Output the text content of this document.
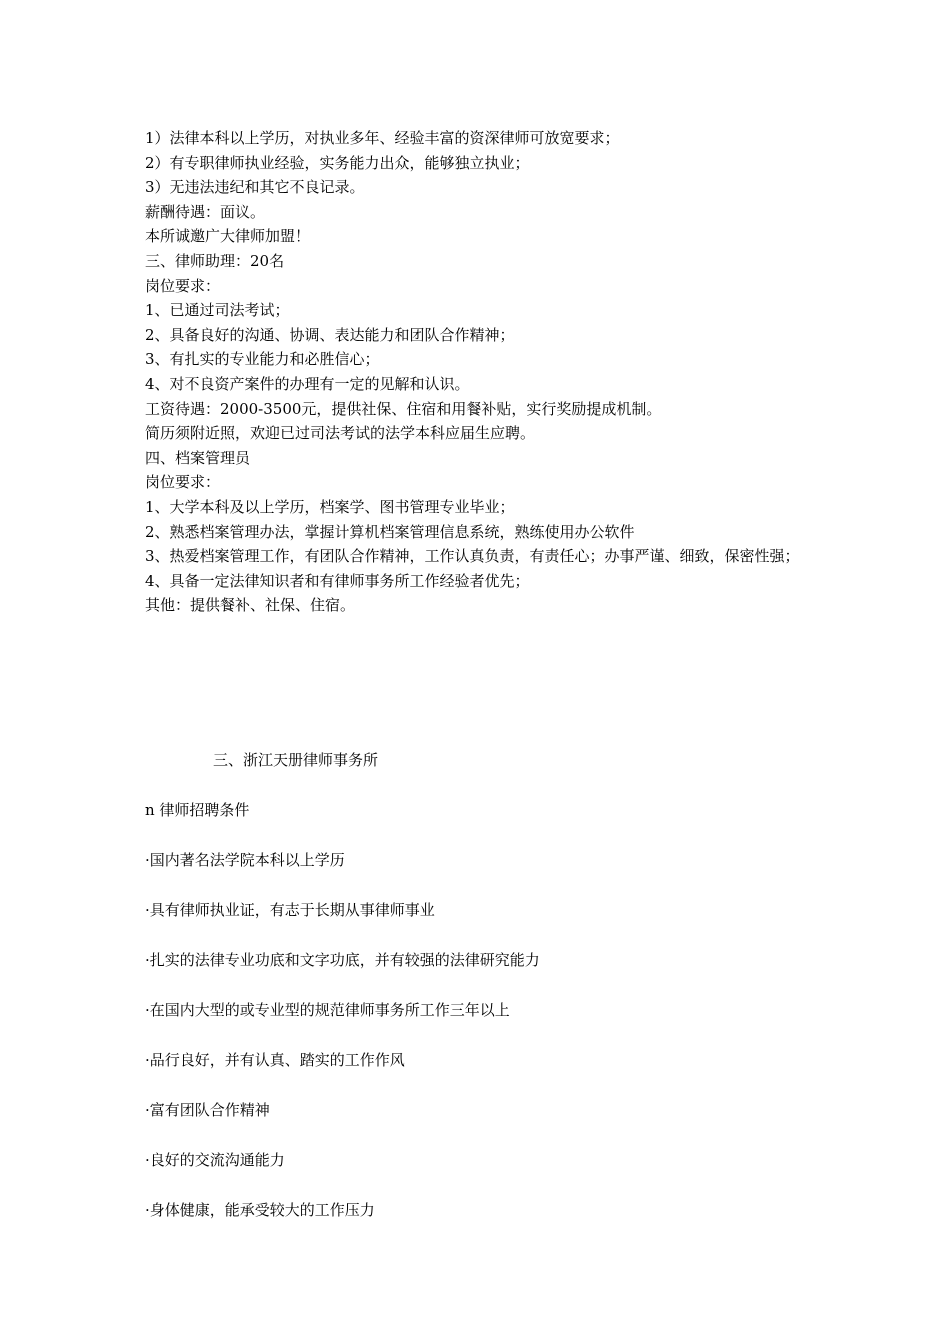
1）法律本科以上学历，对执业多年、经验丰富的资深律师可放宽要求；

2）有专职律师执业经验，实务能力出众，能够独立执业；

3）无违法违纪和其它不良记录。

薪酬待遇：面议。

本所诚邀广大律师加盟！

三、律师助理：20名

岗位要求：

1、已通过司法考试；

2、具备良好的沟通、协调、表达能力和团队合作精神；

3、有扎实的专业能力和必胜信心；

4、对不良资产案件的办理有一定的见解和认识。

工资待遇：2000-3500元，提供社保、住宿和用餐补贴，实行奖励提成机制。

简历须附近照，欢迎已过司法考试的法学本科应届生应聘。

四、档案管理员

岗位要求：

1、大学本科及以上学历，档案学、图书管理专业毕业；

2、熟悉档案管理办法，掌握计算机档案管理信息系统，熟练使用办公软件

3、热爱档案管理工作，有团队合作精神，工作认真负责，有责任心；办事严谨、细致，保密性强；

4、具备一定法律知识者和有律师事务所工作经验者优先；

其他：提供餐补、社保、住宿。

三、浙江天册律师事务所

n 律师招聘条件

·国内著名法学院本科以上学历

·具有律师执业证，有志于长期从事律师事业

·扎实的法律专业功底和文字功底，并有较强的法律研究能力

·在国内大型的或专业型的规范律师事务所工作三年以上

·品行良好，并有认真、踏实的工作作风

·富有团队合作精神

·良好的交流沟通能力

·身体健康，能承受较大的工作压力
